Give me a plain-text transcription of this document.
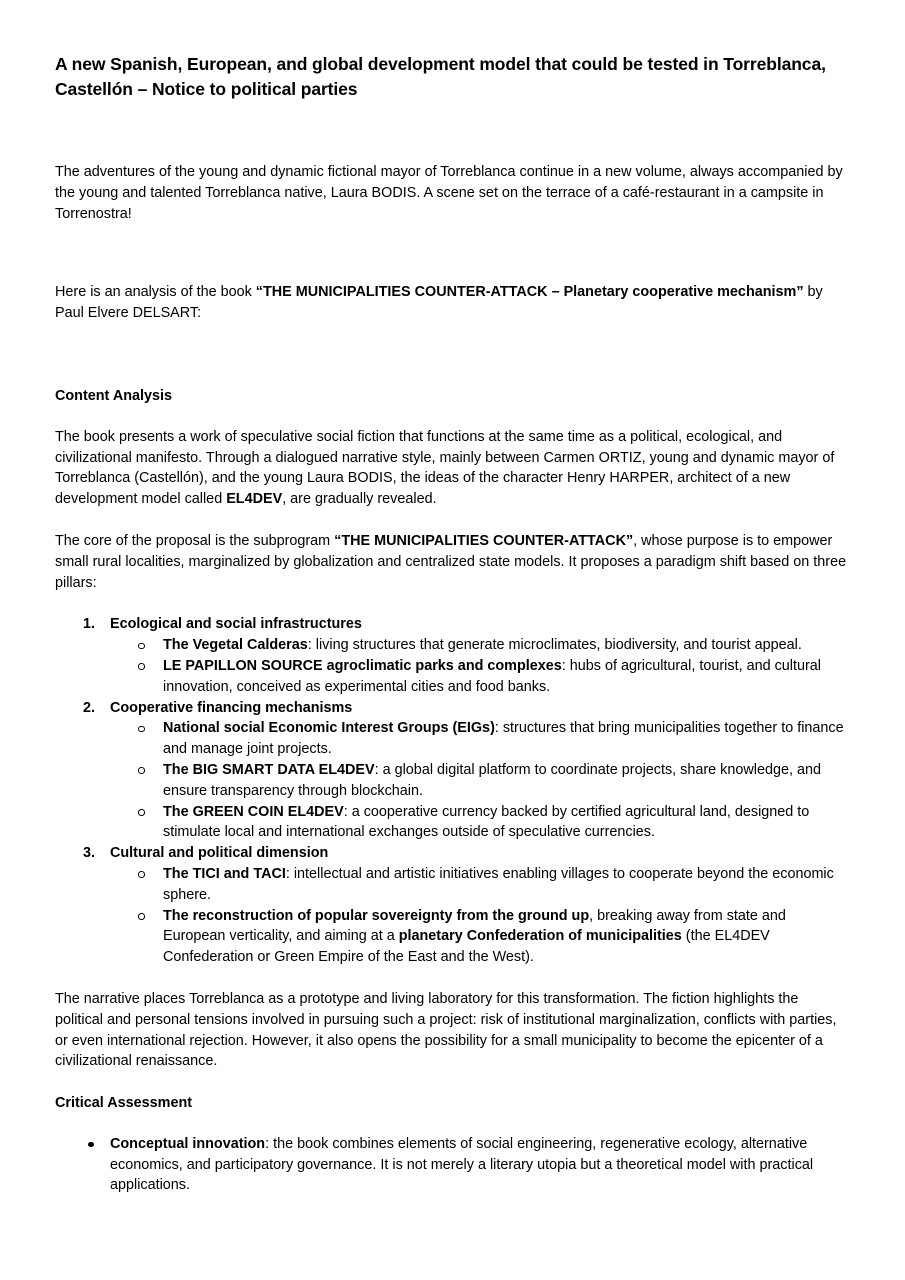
A new Spanish, European, and global development model that could be tested in Torreblanca, Castellón – Notice to political parties

The adventures of the young and dynamic fictional mayor of Torreblanca continue in a new volume, always accompanied by the young and talented Torreblanca native, Laura BODIS. A scene set on the terrace of a café-restaurant in a campsite in Torrenostra!

Here is an analysis of the book “THE MUNICIPALITIES COUNTER-ATTACK – Planetary cooperative mechanism” by Paul Elvere DELSART:

Content Analysis

The book presents a work of speculative social fiction that functions at the same time as a political, ecological, and civilizational manifesto. Through a dialogued narrative style, mainly between Carmen ORTIZ, young and dynamic mayor of Torreblanca (Castellón), and the young Laura BODIS, the ideas of the character Henry HARPER, architect of a new development model called EL4DEV, are gradually revealed.

The core of the proposal is the subprogram “THE MUNICIPALITIES COUNTER-ATTACK”, whose purpose is to empower small rural localities, marginalized by globalization and centralized state models. It proposes a paradigm shift based on three pillars:

1.	Ecological and social infrastructures
The Vegetal Calderas: living structures that generate microclimates, biodiversity, and tourist appeal.
LE PAPILLON SOURCE agroclimatic parks and complexes: hubs of agricultural, tourist, and cultural innovation, conceived as experimental cities and food banks.
2.	Cooperative financing mechanisms
National social Economic Interest Groups (EIGs): structures that bring municipalities together to finance and manage joint projects.
The BIG SMART DATA EL4DEV: a global digital platform to coordinate projects, share knowledge, and ensure transparency through blockchain.
The GREEN COIN EL4DEV: a cooperative currency backed by certified agricultural land, designed to stimulate local and international exchanges outside of speculative currencies.
3.	Cultural and political dimension
The TICI and TACI: intellectual and artistic initiatives enabling villages to cooperate beyond the economic sphere.
The reconstruction of popular sovereignty from the ground up, breaking away from state and European verticality, and aiming at a planetary Confederation of municipalities (the EL4DEV Confederation or Green Empire of the East and the West).

The narrative places Torreblanca as a prototype and living laboratory for this transformation. The fiction highlights the political and personal tensions involved in pursuing such a project: risk of institutional marginalization, conflicts with parties, or even international rejection. However, it also opens the possibility for a small municipality to become the epicenter of a civilizational renaissance.

Critical Assessment
Conceptual innovation: the book combines elements of social engineering, regenerative ecology, alternative economics, and participatory governance. It is not merely a literary utopia but a theoretical model with practical applications.
